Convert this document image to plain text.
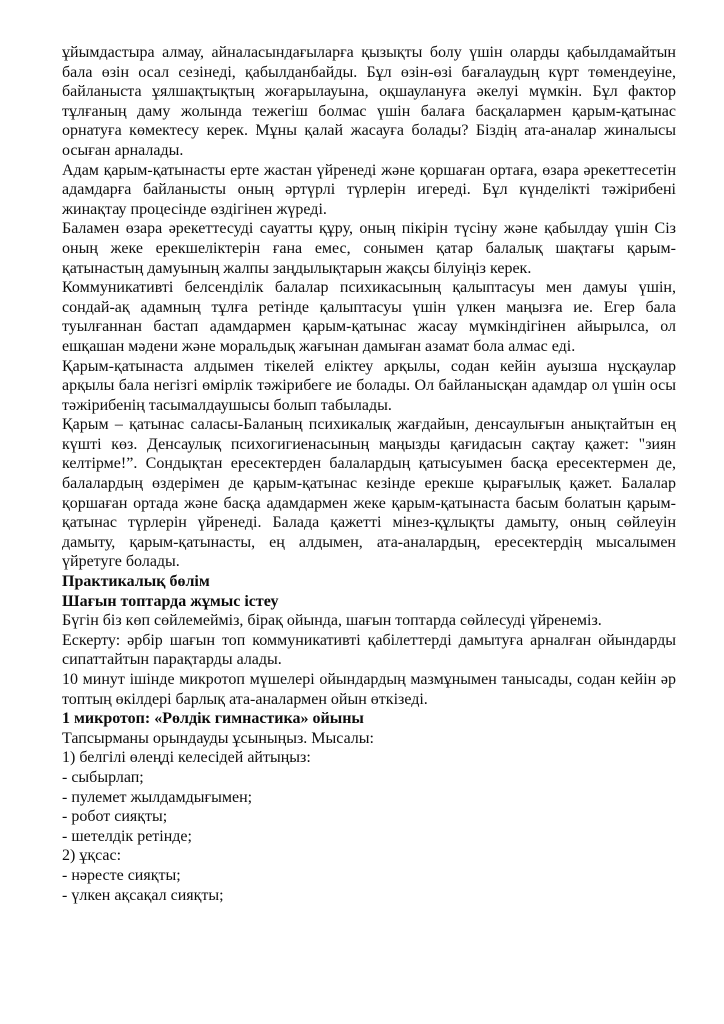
ұйымдастыра алмау, айналасындағыларға қызықты болу үшін оларды қабылдамайтын бала өзін осал сезінеді, қабылданбайды. Бұл өзін-өзі бағалаудың күрт төмендеуіне, байланыста ұялшақтықтың жоғарылауына, оқшаулануға әкелуі мүмкін. Бұл фактор тұлғаның даму жолында тежегіш болмас үшін балаға басқалармен қарым-қатынас орнатуға көмектесу керек. Мұны қалай жасауға болады? Біздің ата-аналар жиналысы осыған арналады.

Адам қарым-қатынасты ерте жастан үйренеді және қоршаған ортаға, өзара әрекеттесетін адамдарға байланысты оның әртүрлі түрлерін игереді. Бұл күнделікті тәжірибені жинақтау процесінде өздігінен жүреді.

Баламен өзара әрекеттесуді сауатты құру, оның пікірін түсіну және қабылдау үшін Сіз оның жеке ерекшеліктерін ғана емес, сонымен қатар балалық шақтағы қарым-қатынастың дамуының жалпы заңдылықтарын жақсы білуіңіз керек.

Коммуникативті белсенділік балалар психикасының қалыптасуы мен дамуы үшін, сондай-ақ адамның тұлға ретінде қалыптасуы үшін үлкен маңызға ие. Егер бала туылғаннан бастап адамдармен қарым-қатынас жасау мүмкіндігінен айырылса, ол ешқашан мәдени және моральдық жағынан дамыған азамат бола алмас еді.

Қарым-қатынаста алдымен тікелей еліктеу арқылы, содан кейін ауызша нұсқаулар арқылы бала негізгі өмірлік тәжірибеге ие болады. Ол байланысқан адамдар ол үшін осы тәжірибенің тасымалдаушысы болып табылады.

Қарым – қатынас саласы-Баланың психикалық жағдайын, денсаулығын анықтайтын ең күшті көз. Денсаулық психогигиенасының маңызды қағидасын сақтау қажет: "зиян келтірме!”. Сондықтан ересектерден балалардың қатысуымен басқа ересектермен де, балалардың өздерімен де қарым-қатынас кезінде ерекше қырағылық қажет. Балалар қоршаған ортада және басқа адамдармен жеке қарым-қатынаста басым болатын қарым-қатынас түрлерін үйренеді. Балада қажетті мінез-құлықты дамыту, оның сөйлеуін дамыту, қарым-қатынасты, ең алдымен, ата-аналардың, ересектердің мысалымен үйретуге болады.

Практикалық бөлім

Шағын топтарда жұмыс істеу

Бүгін біз көп сөйлемейміз, бірақ ойында, шағын топтарда сөйлесуді үйренеміз.

Ескерту: әрбір шағын топ коммуникативті қабілеттерді дамытуға арналған ойындарды сипаттайтын парақтарды алады.

10 минут ішінде микротоп мүшелері ойындардың мазмұнымен танысады, содан кейін әр топтың өкілдері барлық ата-аналармен ойын өткізеді.

1 микротоп: «Рөлдік гимнастика» ойыны

Тапсырманы орындауды ұсыныңыз. Мысалы:

1) белгілі өлеңді келесідей айтыңыз:

- сыбырлап;

- пулемет жылдамдығымен;

- робот сияқты;

- шетелдік ретінде;

2) ұқсас:

- нәресте сияқты;

- үлкен ақсақал сияқты;
